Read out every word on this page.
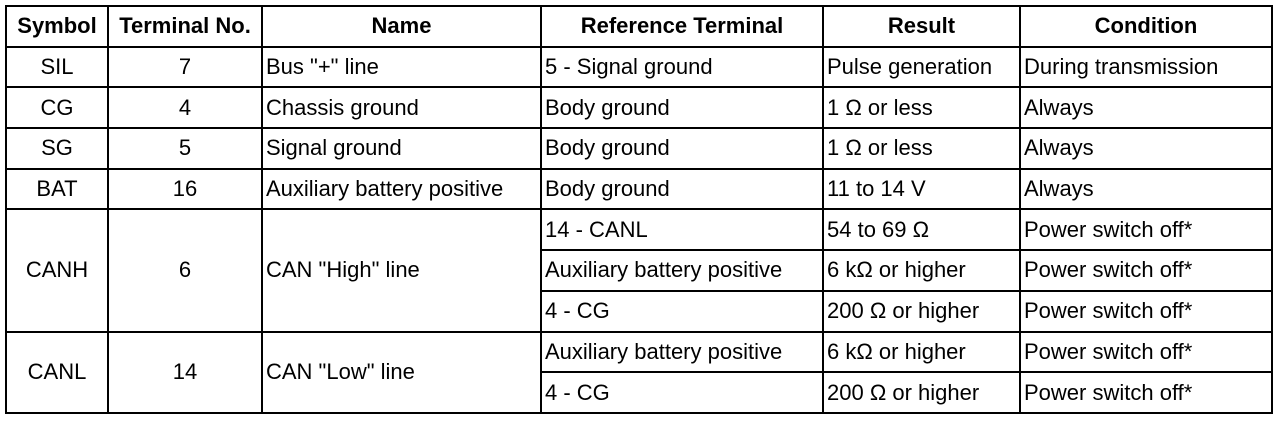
Symbol	Terminal No.	Name	Reference Terminal	Result	Condition
SIL	7	Bus "+" line	5 - Signal ground	Pulse generation	During transmission
CG	4	Chassis ground	Body ground	1 Ω or less	Always
SG	5	Signal ground	Body ground	1 Ω or less	Always
BAT	16	Auxiliary battery positive	Body ground	11 to 14 V	Always
CANH	6	CAN "High" line	14 - CANL	54 to 69 Ω	Power switch off*
			Auxiliary battery positive	6 kΩ or higher	Power switch off*
			4 - CG	200 Ω or higher	Power switch off*
CANL	14	CAN "Low" line	Auxiliary battery positive	6 kΩ or higher	Power switch off*
			4 - CG	200 Ω or higher	Power switch off*
